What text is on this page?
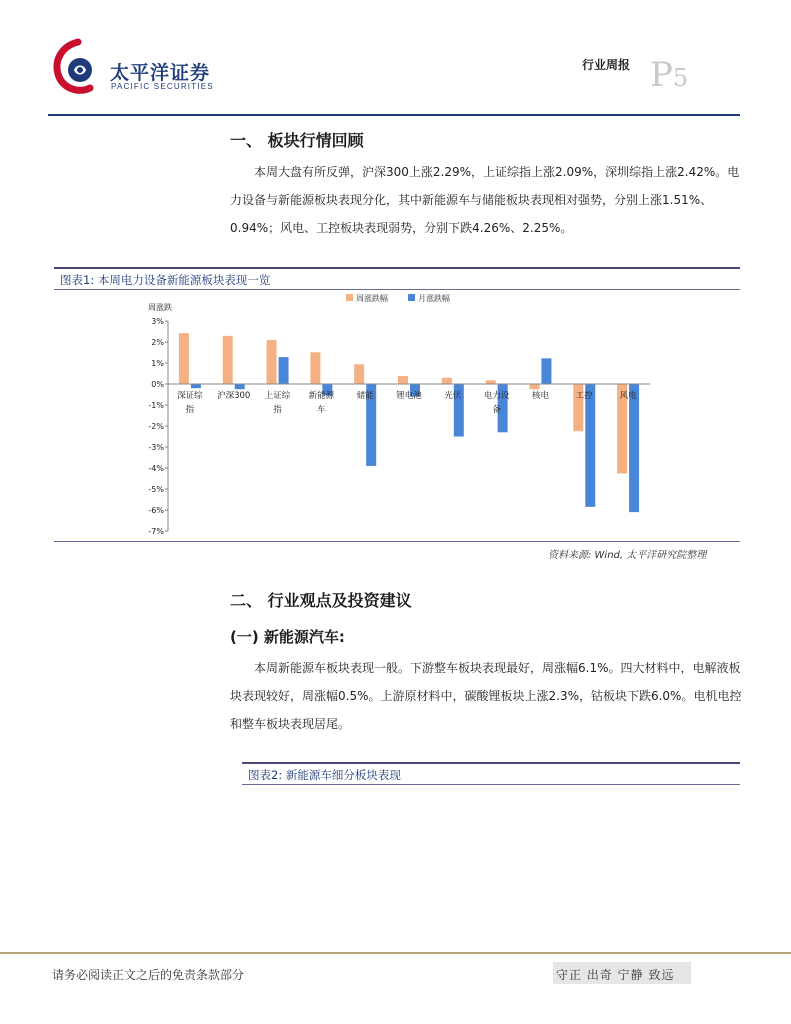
太平洋证券
PACIFIC SECURITIES
行业周报 P5
一、 板块行情回顾

本周大盘有所反弹，沪深300上涨2.29%，上证综指上涨2.09%，深圳综指上涨2.42%。电力设备与新能源板块表现分化，其中新能源车与储能板块表现相对强势，分别上涨1.51%、0.94%；风电、工控板块表现弱势，分别下跌4.26%、2.25%。

图表1: 本周电力设备新能源板块表现一览
周涨跌幅	月涨跌幅
周涨跌
3%
2%
1%
0%
-1%
-2%
-3%
-4%
-5%
-6%
-7%
深证综
指
沪深300 上证综
指
新能源
车
储能	锂电池	光伏	电力设
备
核电	工控	风电
资料来源: Wind, 太平洋研究院整理
二、 行业观点及投资建议
(一) 新能源汽车:

本周新能源车板块表现一般。下游整车板块表现最好，周涨幅6.1%。四大材料中，电解液板块表现较好，周涨幅0.5%。上游原材料中，碳酸锂板块上涨2.3%，钴板块下跌6.0%。电机电控和整车板块表现居尾。

图表2: 新能源车细分板块表现
请务必阅读正文之后的免责条款部分	守正 出奇 宁静 致远
